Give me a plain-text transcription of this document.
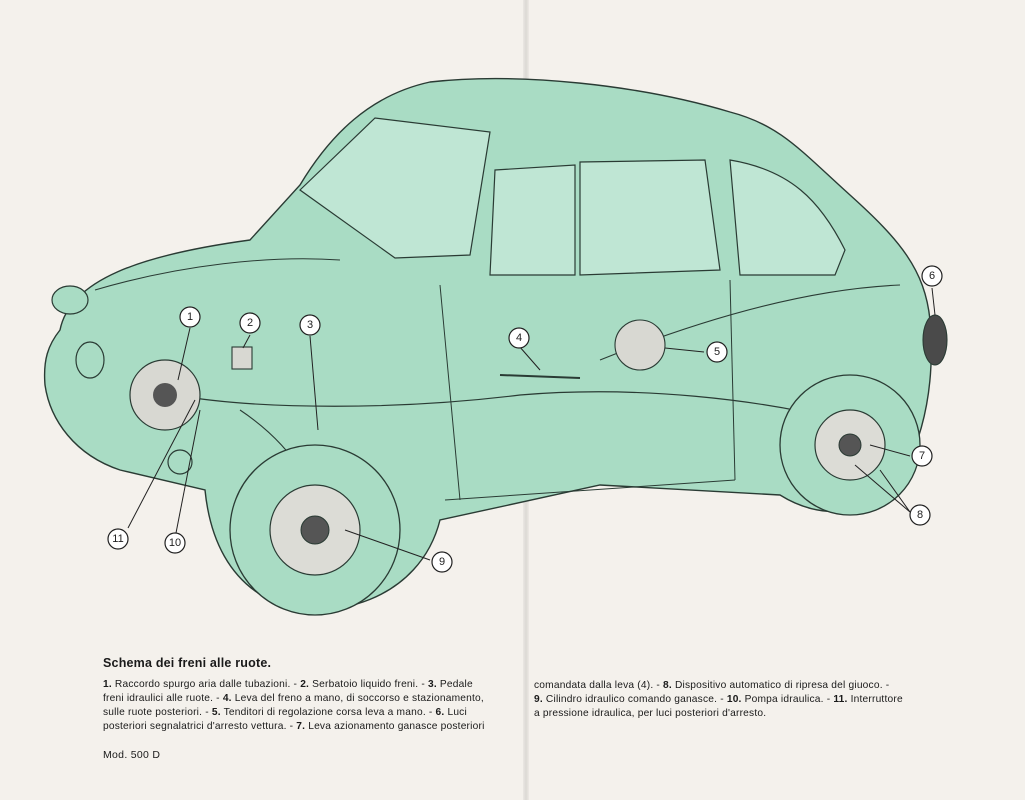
1	2	3
4
5
6
7
8
9
10
11
Schema dei freni alle ruote.
1. Raccordo spurgo aria dalle tubazioni. - 2. Serbatoio liquido freni. - 3. Pedale
freni idraulici alle ruote. - 4. Leva del freno a mano, di soccorso e stazionamento,
sulle ruote posteriori. - 5. Tenditori di regolazione corsa leva a mano. - 6. Luci
posteriori segnalatrici d'arresto vettura. - 7. Leva azionamento ganasce posteriori
comandata dalla leva (4). - 8. Dispositivo automatico di ripresa del giuoco. -
9. Cilindro idraulico comando ganasce. - 10. Pompa idraulica. - 11. Interruttore
a pressione idraulica, per luci posteriori d'arresto.
Mod. 500 D
